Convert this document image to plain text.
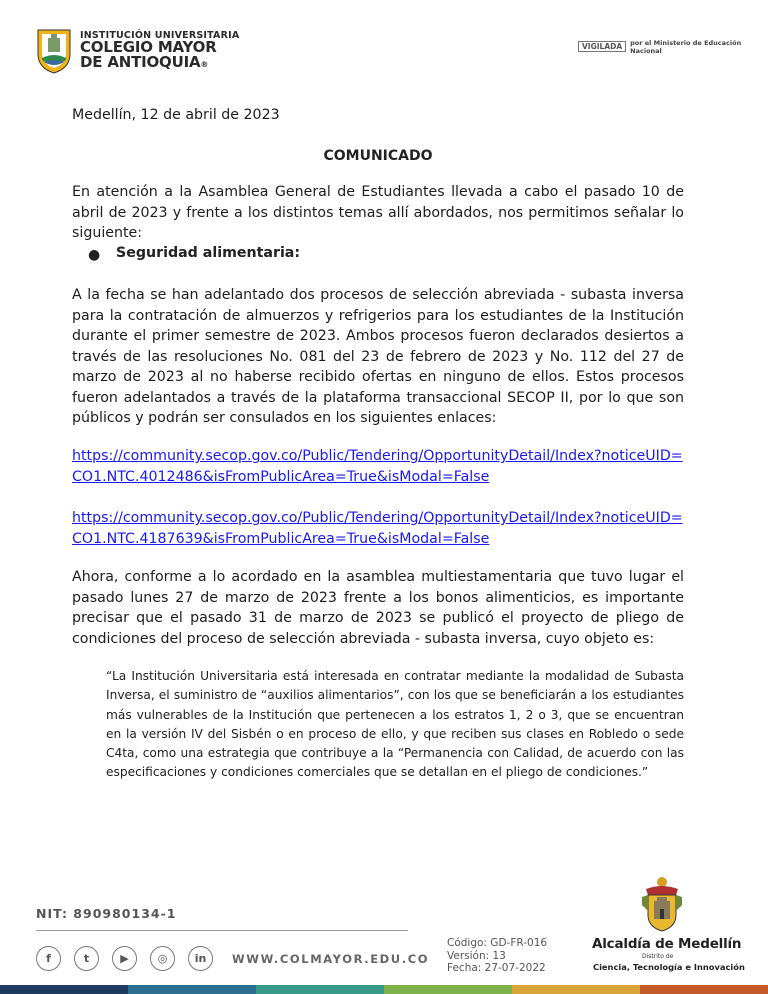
INSTITUCIÓN UNIVERSITARIA
COLEGIO MAYOR
DE ANTIOQUIA®
VIGILADA	por el Ministerio de Educación Nacional
Medellín, 12 de abril de 2023
COMUNICADO
En atención a la Asamblea General de Estudiantes llevada a cabo el pasado 10 de abril de 2023 y frente a los distintos temas allí abordados, nos permitimos señalar lo siguiente:
● Seguridad alimentaria:
A la fecha se han adelantado dos procesos de selección abreviada - subasta inversa para la contratación de almuerzos y refrigerios para los estudiantes de la Institución durante el primer semestre de 2023. Ambos procesos fueron declarados desiertos a través de las resoluciones No. 081 del 23 de febrero de 2023 y No. 112 del 27 de marzo de 2023 al no haberse recibido ofertas en ninguno de ellos. Estos procesos fueron adelantados a través de la plataforma transaccional SECOP II, por lo que son públicos y podrán ser consulados en los siguientes enlaces:
https://community.secop.gov.co/Public/Tendering/OpportunityDetail/Index?noticeUID=
CO1.NTC.4012486&isFromPublicArea=True&isModal=False
https://community.secop.gov.co/Public/Tendering/OpportunityDetail/Index?noticeUID=
CO1.NTC.4187639&isFromPublicArea=True&isModal=False
Ahora, conforme a lo acordado en la asamblea multiestamentaria que tuvo lugar el pasado lunes 27 de marzo de 2023 frente a los bonos alimenticios, es importante precisar que el pasado 31 de marzo de 2023 se publicó el proyecto de pliego de condiciones del proceso de selección abreviada - subasta inversa, cuyo objeto es:
“La Institución Universitaria está interesada en contratar mediante la modalidad de Subasta Inversa, el suministro de “auxilios alimentarios”, con los que se beneficiarán a los estudiantes más vulnerables de la Institución que pertenecen a los estratos 1, 2 o 3, que se encuentran en la versión IV del Sisbén o en proceso de ello, y que reciben sus clases en Robledo o sede C4ta, como una estrategia que contribuye a la “Permanencia con Calidad, de acuerdo con las especificaciones y condiciones comerciales que se detallan en el pliego de condiciones.”
NIT: 890980134-1
f	t	▶	◎	in	WWW.COLMAYOR.EDU.CO
Código: GD-FR-016
Versión: 13
Fecha: 27-07-2022
Alcaldía de Medellín
Distrito de
Ciencia, Tecnología e Innovación
